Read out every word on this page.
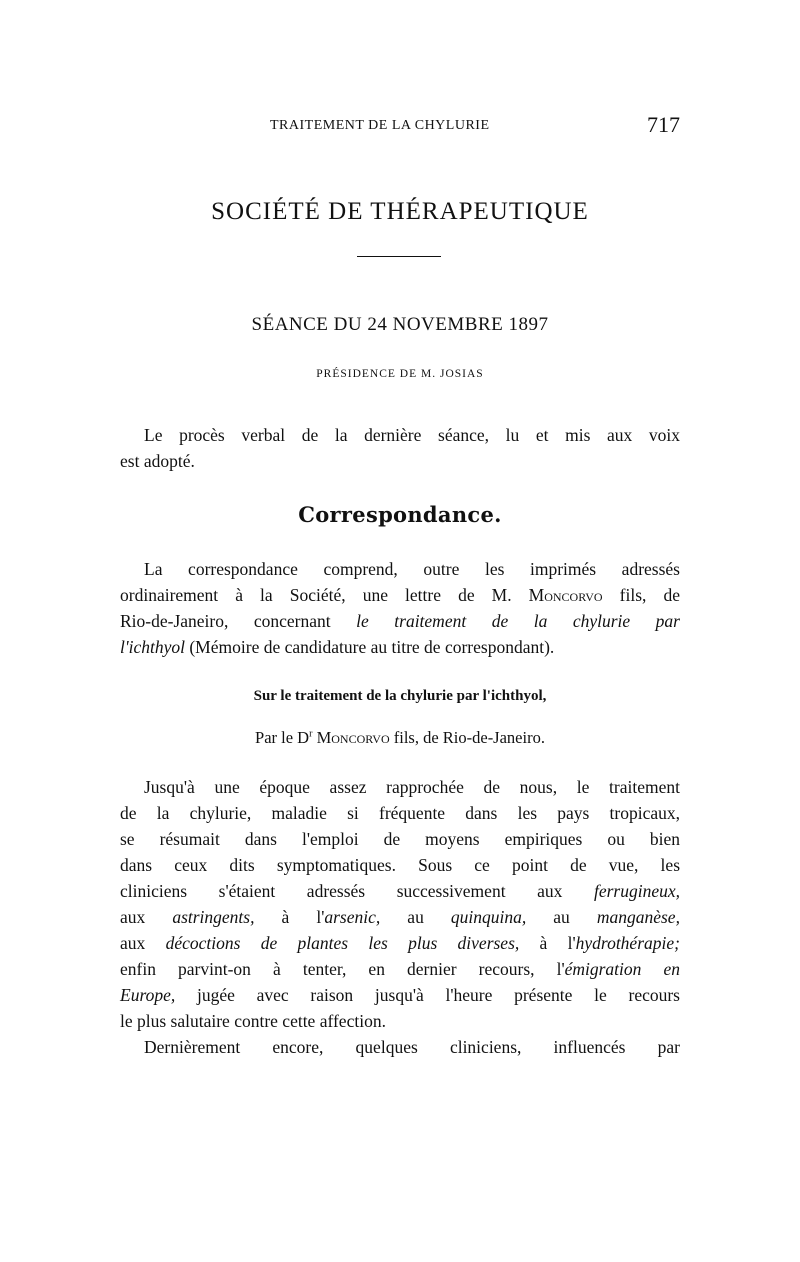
TRAITEMENT DE LA CHYLURIE	717
SOCIÉTÉ DE THÉRAPEUTIQUE
SÉANCE DU 24 NOVEMBRE 1897
PRÉSIDENCE DE M. JOSIAS
Le procès verbal de la dernière séance, lu et mis aux voix
est adopté.
Correspondance.
La correspondance comprend, outre les imprimés adressés
ordinairement à la Société, une lettre de M. Moncorvo fils, de
Rio-de-Janeiro, concernant le traitement de la chylurie par
l'ichthyol (Mémoire de candidature au titre de correspondant).
Sur le traitement de la chylurie par l'ichthyol,
Par le $D^r$ Moncorvo fils, de Rio-de-Janeiro.
Jusqu'à une époque assez rapprochée de nous, le traitement
de la chylurie, maladie si fréquente dans les pays tropicaux,
se résumait dans l'emploi de moyens empiriques ou bien
dans ceux dits symptomatiques. Sous ce point de vue, les
cliniciens s'étaient adressés successivement aux ferrugineux,
aux astringents, à l'arsenic, au quinquina, au manganèse,
aux décoctions de plantes les plus diverses, à l'hydrothérapie;
enfin parvint-on à tenter, en dernier recours, l'émigration en
Europe, jugée avec raison jusqu'à l'heure présente le recours
le plus salutaire contre cette affection.
Dernièrement encore, quelques cliniciens, influencés par
